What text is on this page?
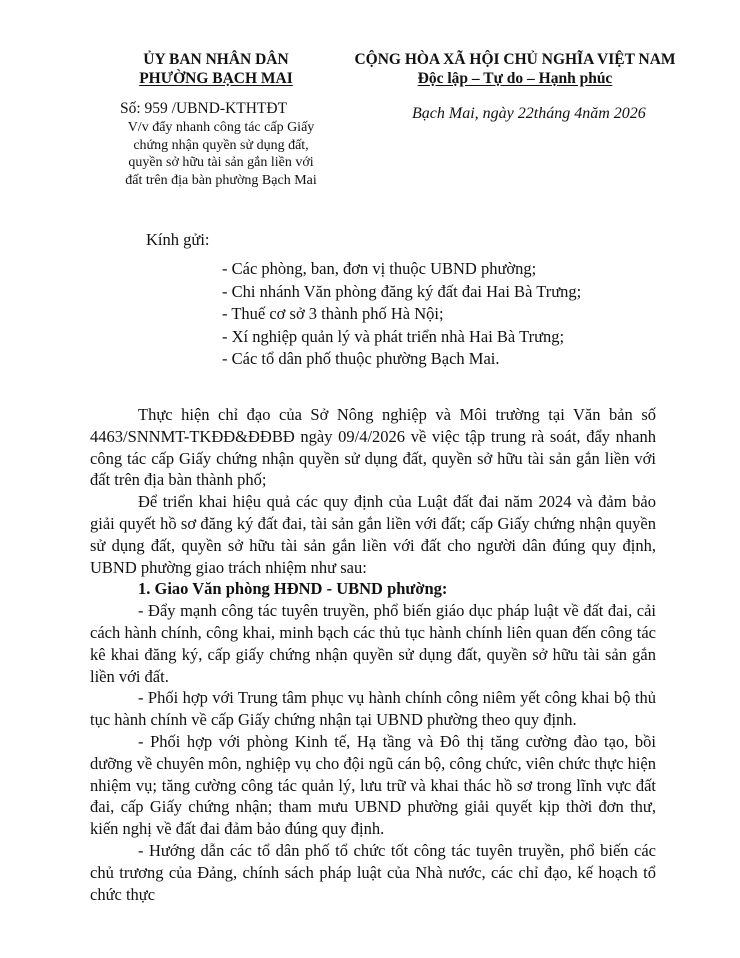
ỦY BAN NHÂN DÂN
PHƯỜNG BẠCH MAI
CỘNG HÒA XÃ HỘI CHỦ NGHĨA VIỆT NAM
Độc lập – Tự do – Hạnh phúc
Số: 959 /UBND-KTHTĐT
V/v đẩy nhanh công tác cấp Giấy
chứng nhận quyền sử dụng đất,
quyền sở hữu tài sản gắn liền với
đất trên địa bàn phường Bạch Mai
Bạch Mai, ngày 22tháng 4năm 2026
Kính gửi:
- Các phòng, ban, đơn vị thuộc UBND phường;
- Chi nhánh Văn phòng đăng ký đất đai Hai Bà Trưng;
- Thuế cơ sở 3 thành phố Hà Nội;
- Xí nghiệp quản lý và phát triển nhà Hai Bà Trưng;
- Các tổ dân phố thuộc phường Bạch Mai.

Thực hiện chỉ đạo của Sở Nông nghiệp và Môi trường tại Văn bản số 4463/SNNMT-TKĐĐ&ĐĐBĐ ngày 09/4/2026 về việc tập trung rà soát, đẩy nhanh công tác cấp Giấy chứng nhận quyền sử dụng đất, quyền sở hữu tài sản gắn liền với đất trên địa bàn thành phố;

Để triển khai hiệu quả các quy định của Luật đất đai năm 2024 và đảm bảo giải quyết hồ sơ đăng ký đất đai, tài sản gắn liền với đất; cấp Giấy chứng nhận quyền sử dụng đất, quyền sở hữu tài sản gắn liền với đất cho người dân đúng quy định, UBND phường giao trách nhiệm như sau:

1. Giao Văn phòng HĐND - UBND phường:

- Đẩy mạnh công tác tuyên truyền, phổ biến giáo dục pháp luật về đất đai, cải cách hành chính, công khai, minh bạch các thủ tục hành chính liên quan đến công tác kê khai đăng ký, cấp giấy chứng nhận quyền sử dụng đất, quyền sở hữu tài sản gắn liền với đất.

- Phối hợp với Trung tâm phục vụ hành chính công niêm yết công khai bộ thủ tục hành chính về cấp Giấy chứng nhận tại UBND phường theo quy định.

- Phối hợp với phòng Kinh tế, Hạ tầng và Đô thị tăng cường đào tạo, bồi dưỡng về chuyên môn, nghiệp vụ cho đội ngũ cán bộ, công chức, viên chức thực hiện nhiệm vụ; tăng cường công tác quản lý, lưu trữ và khai thác hồ sơ trong lĩnh vực đất đai, cấp Giấy chứng nhận; tham mưu UBND phường giải quyết kịp thời đơn thư, kiến nghị về đất đai đảm bảo đúng quy định.

- Hướng dẫn các tổ dân phố tổ chức tốt công tác tuyên truyền, phổ biến các chủ trương của Đảng, chính sách pháp luật của Nhà nước, các chỉ đạo, kế hoạch tổ chức thực
